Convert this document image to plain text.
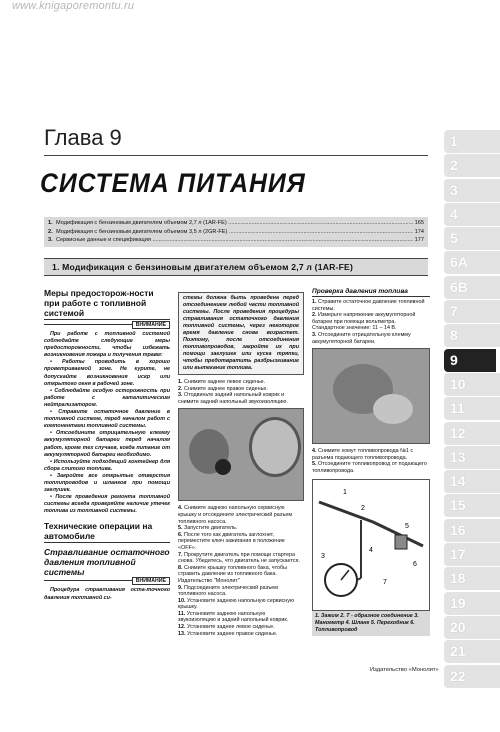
www.knigaporemontu.ru
Глава 9
СИСТЕМА ПИТАНИЯ
1. Модификация с бензиновым двигателем объемом 2,7 л (1AR-FE) .....	165
2. Модификация с бензиновым двигателем объемом 3,5 л (2GR-FE) .....	174
3. Сервисные данные и спецификация .....	177
1. Модификация с бензиновым двигателем объемом 2,7 л (1AR-FE)
Меры предосторож-ности при работе с топливной системой
ВНИМАНИЕ

При работе с топливной системой соблюдайте следующие меры предосторожности, чтобы избежать возникновения пожара и получения травм:

• Работы проводить в хорошо проветриваемой зоне. Не курите, не допускайте возникновения искр или открытого огня в рабочей зоне.

• Соблюдайте особую осторожность при работе с каталитическим нейтрализатором.

• Стравите остаточное давление в топливной системе, перед началом работ с компонентами топливной системы.

• Отсоедините отрицательную клемму аккумуляторной батареи перед началом работ, кроме тех случаев, когда питание от аккумуляторной батареи необходимо.

• Используйте подходящий контейнер для сбора слитого топлива.

• Закройте все открытые отверстия топлипроводов и шлангов при помощи заглушек.

• После проведения ремонта топливной системы всегда проверяйте наличие утечек топлива из топливной системы.

Технические операции на автомобиле
Стравливание остаточного давления топливной системы
ВНИМАНИЕ

Процедура стравливания оста-точного давления топливной си-

стемы должна быть проведена перед отсоединением любой части топливной системы. После проведения процедуры стравливания остаточного давления топливной системы, через некоторое время давление снова возрастет. Поэтому, после отсоединения топливопроводов, закройте их при помощи заглушек или куска тряпки, чтобы предотвратить разбрызгивание или вытекание топлива.
1. Снимите заднее левое сиденье.
2. Снимите заднее правое сиденье.
3. Отодвиньте задний напольный коврик и снимите задний напольный звукоизоляцию.
4. Снимите заднюю напольную сервисную крышку и отсоедините электрический разъем топливного насоса.
5. Запустите двигатель.
6. После того как двигатель заглохнет, переместите ключ зажигания в положение «OFF».
7. Прокрутите двигатель при помощи стартера снова. Убедитесь, что двигатель не запускается.
8. Снимите крышку топливного бака, чтобы стравить давление из топливного бака. Издательство "Монолит"
9. Подсоедините электрический разъем топливного насоса.
10. Установите заднюю напольную сервисную крышку.
11. Установите заднюю напольную звукоизоляцию и задний напольный коврик.
12. Установите заднее левое сиденье.
13. Установите заднее правое сиденье.
Проверка давления топлива
1. Стравите остаточное давление топливной системы.
2. Измерьте напряжение аккумуляторной батареи при помощи вольтметра. Стандартное значение: 11 – 14 В.
3. Отсоедините отрицательную клемму аккумуляторной батареи.
4. Снимите хомут топливопровода №1 с разъема подающего топливопровода.
5. Отсоедините топливопровод от подающего топливопровода.
1
2
3
4
5
6
7
1. Зажим 2. Т - образное соединение 3. Манометр 4. Шланг 5. Переходник 6. Топливопровод
Издательство «Монолит»
1
2
3
4
5
6А
6В
7
8
9
10
11
12
13
14
15
16
17
18
19
20
21
22
